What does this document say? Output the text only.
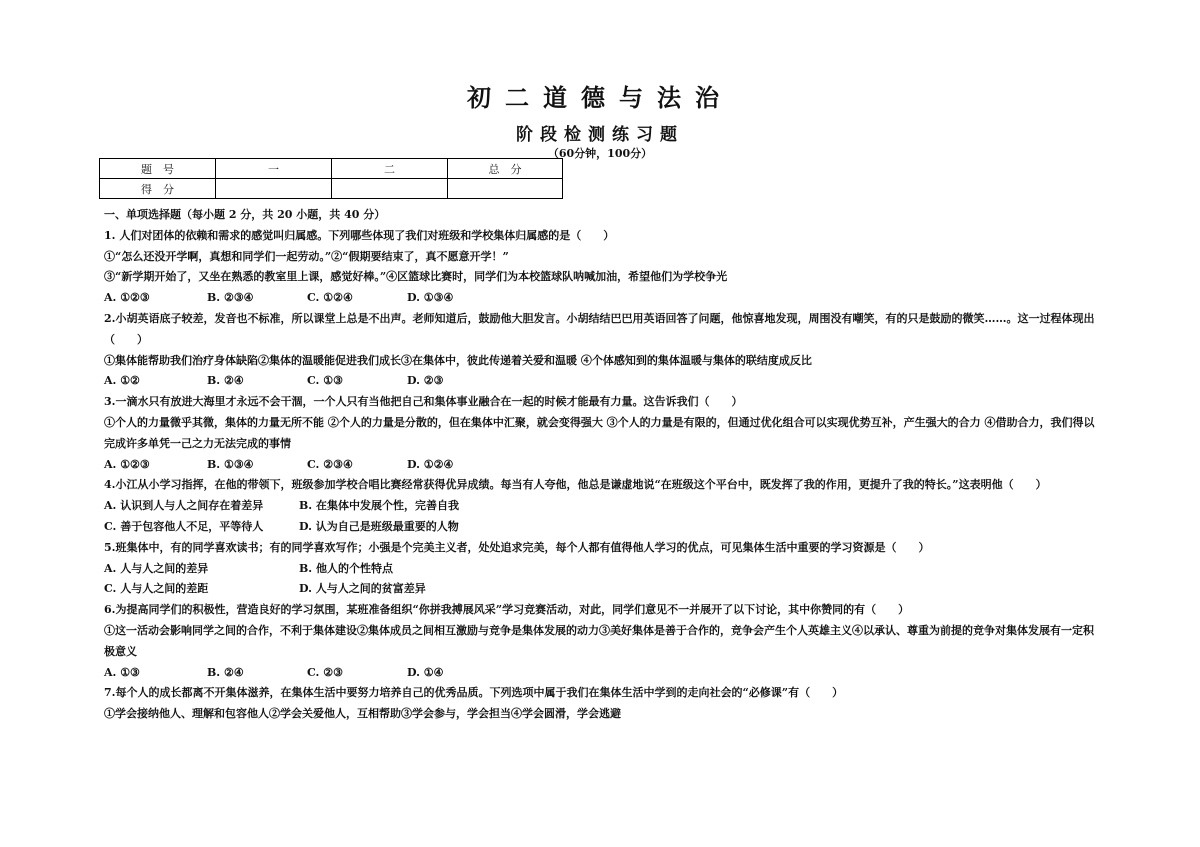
初二道德与法治
阶段检测练习题
（60分钟，100分）
题　号	一	二	总　分
得　分			
一、单项选择题（每小题 2 分，共 20 小题，共 40 分）
1. 人们对团体的依赖和需求的感觉叫归属感。下列哪些体现了我们对班级和学校集体归属感的是（　　）
①“怎么还没开学啊，真想和同学们一起劳动。”②“假期要结束了，真不愿意开学！”
③“新学期开始了，又坐在熟悉的教室里上课，感觉好棒。”④区篮球比赛时，同学们为本校篮球队呐喊加油，希望他们为学校争光
A. ①②③	B. ②③④	C. ①②④	D. ①③④
2.小胡英语底子较差，发音也不标准，所以课堂上总是不出声。老师知道后，鼓励他大胆发言。小胡结结巴巴用英语回答了问题，他惊喜地发现，周围没有嘲笑，有的只是鼓励的微笑……。这一过程体现出（　　）
①集体能帮助我们治疗身体缺陷②集体的温暖能促进我们成长③在集体中，彼此传递着关爱和温暖 ④个体感知到的集体温暖与集体的联结度成反比
A. ①②	B. ②④	C. ①③	D. ②③
3.一滴水只有放进大海里才永远不会干涸，一个人只有当他把自己和集体事业融合在一起的时候才能最有力量。这告诉我们（　　）
①个人的力量微乎其微，集体的力量无所不能 ②个人的力量是分散的，但在集体中汇聚，就会变得强大 ③个人的力量是有限的，但通过优化组合可以实现优势互补，产生强大的合力 ④借助合力，我们得以完成许多单凭一己之力无法完成的事情
A. ①②③	B. ①③④	C. ②③④	D. ①②④
4.小江从小学习指挥，在他的带领下，班级参加学校合唱比赛经常获得优异成绩。每当有人夸他，他总是谦虚地说“在班级这个平台中，既发挥了我的作用，更提升了我的特长。”这表明他（　　）
A. 认识到人与人之间存在着差异	B. 在集体中发展个性，完善自我
C. 善于包容他人不足，平等待人	D. 认为自己是班级最重要的人物
5.班集体中，有的同学喜欢读书；有的同学喜欢写作；小强是个完美主义者，处处追求完美，每个人都有值得他人学习的优点，可见集体生活中重要的学习资源是（　　）
A. 人与人之间的差异	B. 他人的个性特点
C. 人与人之间的差距	D. 人与人之间的贫富差异
6.为提高同学们的积极性，营造良好的学习氛围，某班准备组织“你拼我搏展风采”学习竞赛活动，对此，同学们意见不一并展开了以下讨论，其中你赞同的有（　　）
①这一活动会影响同学之间的合作，不利于集体建设②集体成员之间相互激励与竞争是集体发展的动力③美好集体是善于合作的，竞争会产生个人英雄主义④以承认、尊重为前提的竞争对集体发展有一定积极意义
A. ①③	B. ②④	C. ②③	D. ①④
7.每个人的成长都离不开集体滋养，在集体生活中要努力培养自己的优秀品质。下列选项中属于我们在集体生活中学到的走向社会的“必修课”有（　　）
①学会接纳他人、理解和包容他人②学会关爱他人，互相帮助③学会参与，学会担当④学会圆滑，学会逃避
